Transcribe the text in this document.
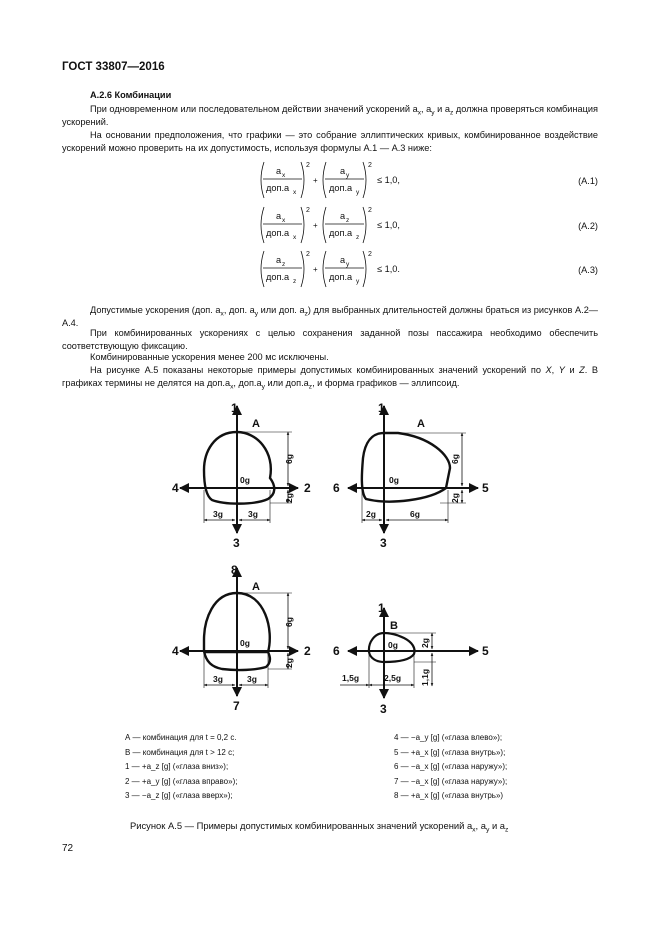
ГОСТ 33807—2016
А.2.6 Комбинации
При одновременном или последовательном действии значений ускорений $a_x$, $a_y$ и $a_z$ должна проверяться комбинация ускорений.
На основании предположения, что графики — это собрание эллиптических кривых, комбинированное воздействие ускорений можно проверить на их допустимость, используя формулы А.1 — А.3 ниже:
a x
доп.a x
2
+
a y
доп.a y
2
≤ 1,0,	(А.1)
a x
доп.a x
2
+
a z
доп.a z
2
≤ 1,0,	(А.2)
a z
доп.a z
2
+
a y
доп.a y
2
≤ 1,0.	(А.3)
Допустимые ускорения (доп. $a_x$, доп. $a_y$ или доп. $a_z$) для выбранных длительностей должны браться из рисунков А.2—А.4.
При комбинированных ускорениях с целью сохранения заданной позы пассажира необходимо обеспечить соответствующую фиксацию.
Комбинированные ускорения менее 200 мс исключены.
На рисунке А.5 показаны некоторые примеры допустимых комбинированных значений ускорений по X, Y и Z. В графиках термины не делятся на $доп.a_x$, $доп.a_y$ или $доп.a_z$, и форма графиков — эллипсоид.
1
4	2
3
A
0g
6g
2g
3g	3g
1
6	5
3
A
0g
6g
2g
2g	6g
8
4	2
7
A
0g
6g
2g
3g	3g
1
6	5
3
B
0g	2g
1,1g
1,5g	2,5g
А — комбинация для t = 0,2 с.
В — комбинация для t > 12 с;
1 — +a_z [g] («глаза вниз»);
2 — +a_y [g] («глаза вправо»);
3 — −a_z [g] («глаза вверх»);
4 — −a_y [g] («глаза влево»);
5 — +a_x [g] («глаза внутрь»);
6 — −a_x [g] («глаза наружу»);
7 — −a_x [g] («глаза наружу»);
8 — +a_x [g] («глаза внутрь»)
Рисунок А.5 — Примеры допустимых комбинированных значений ускорений $a_x$, $a_y$ и $a_z$
72
